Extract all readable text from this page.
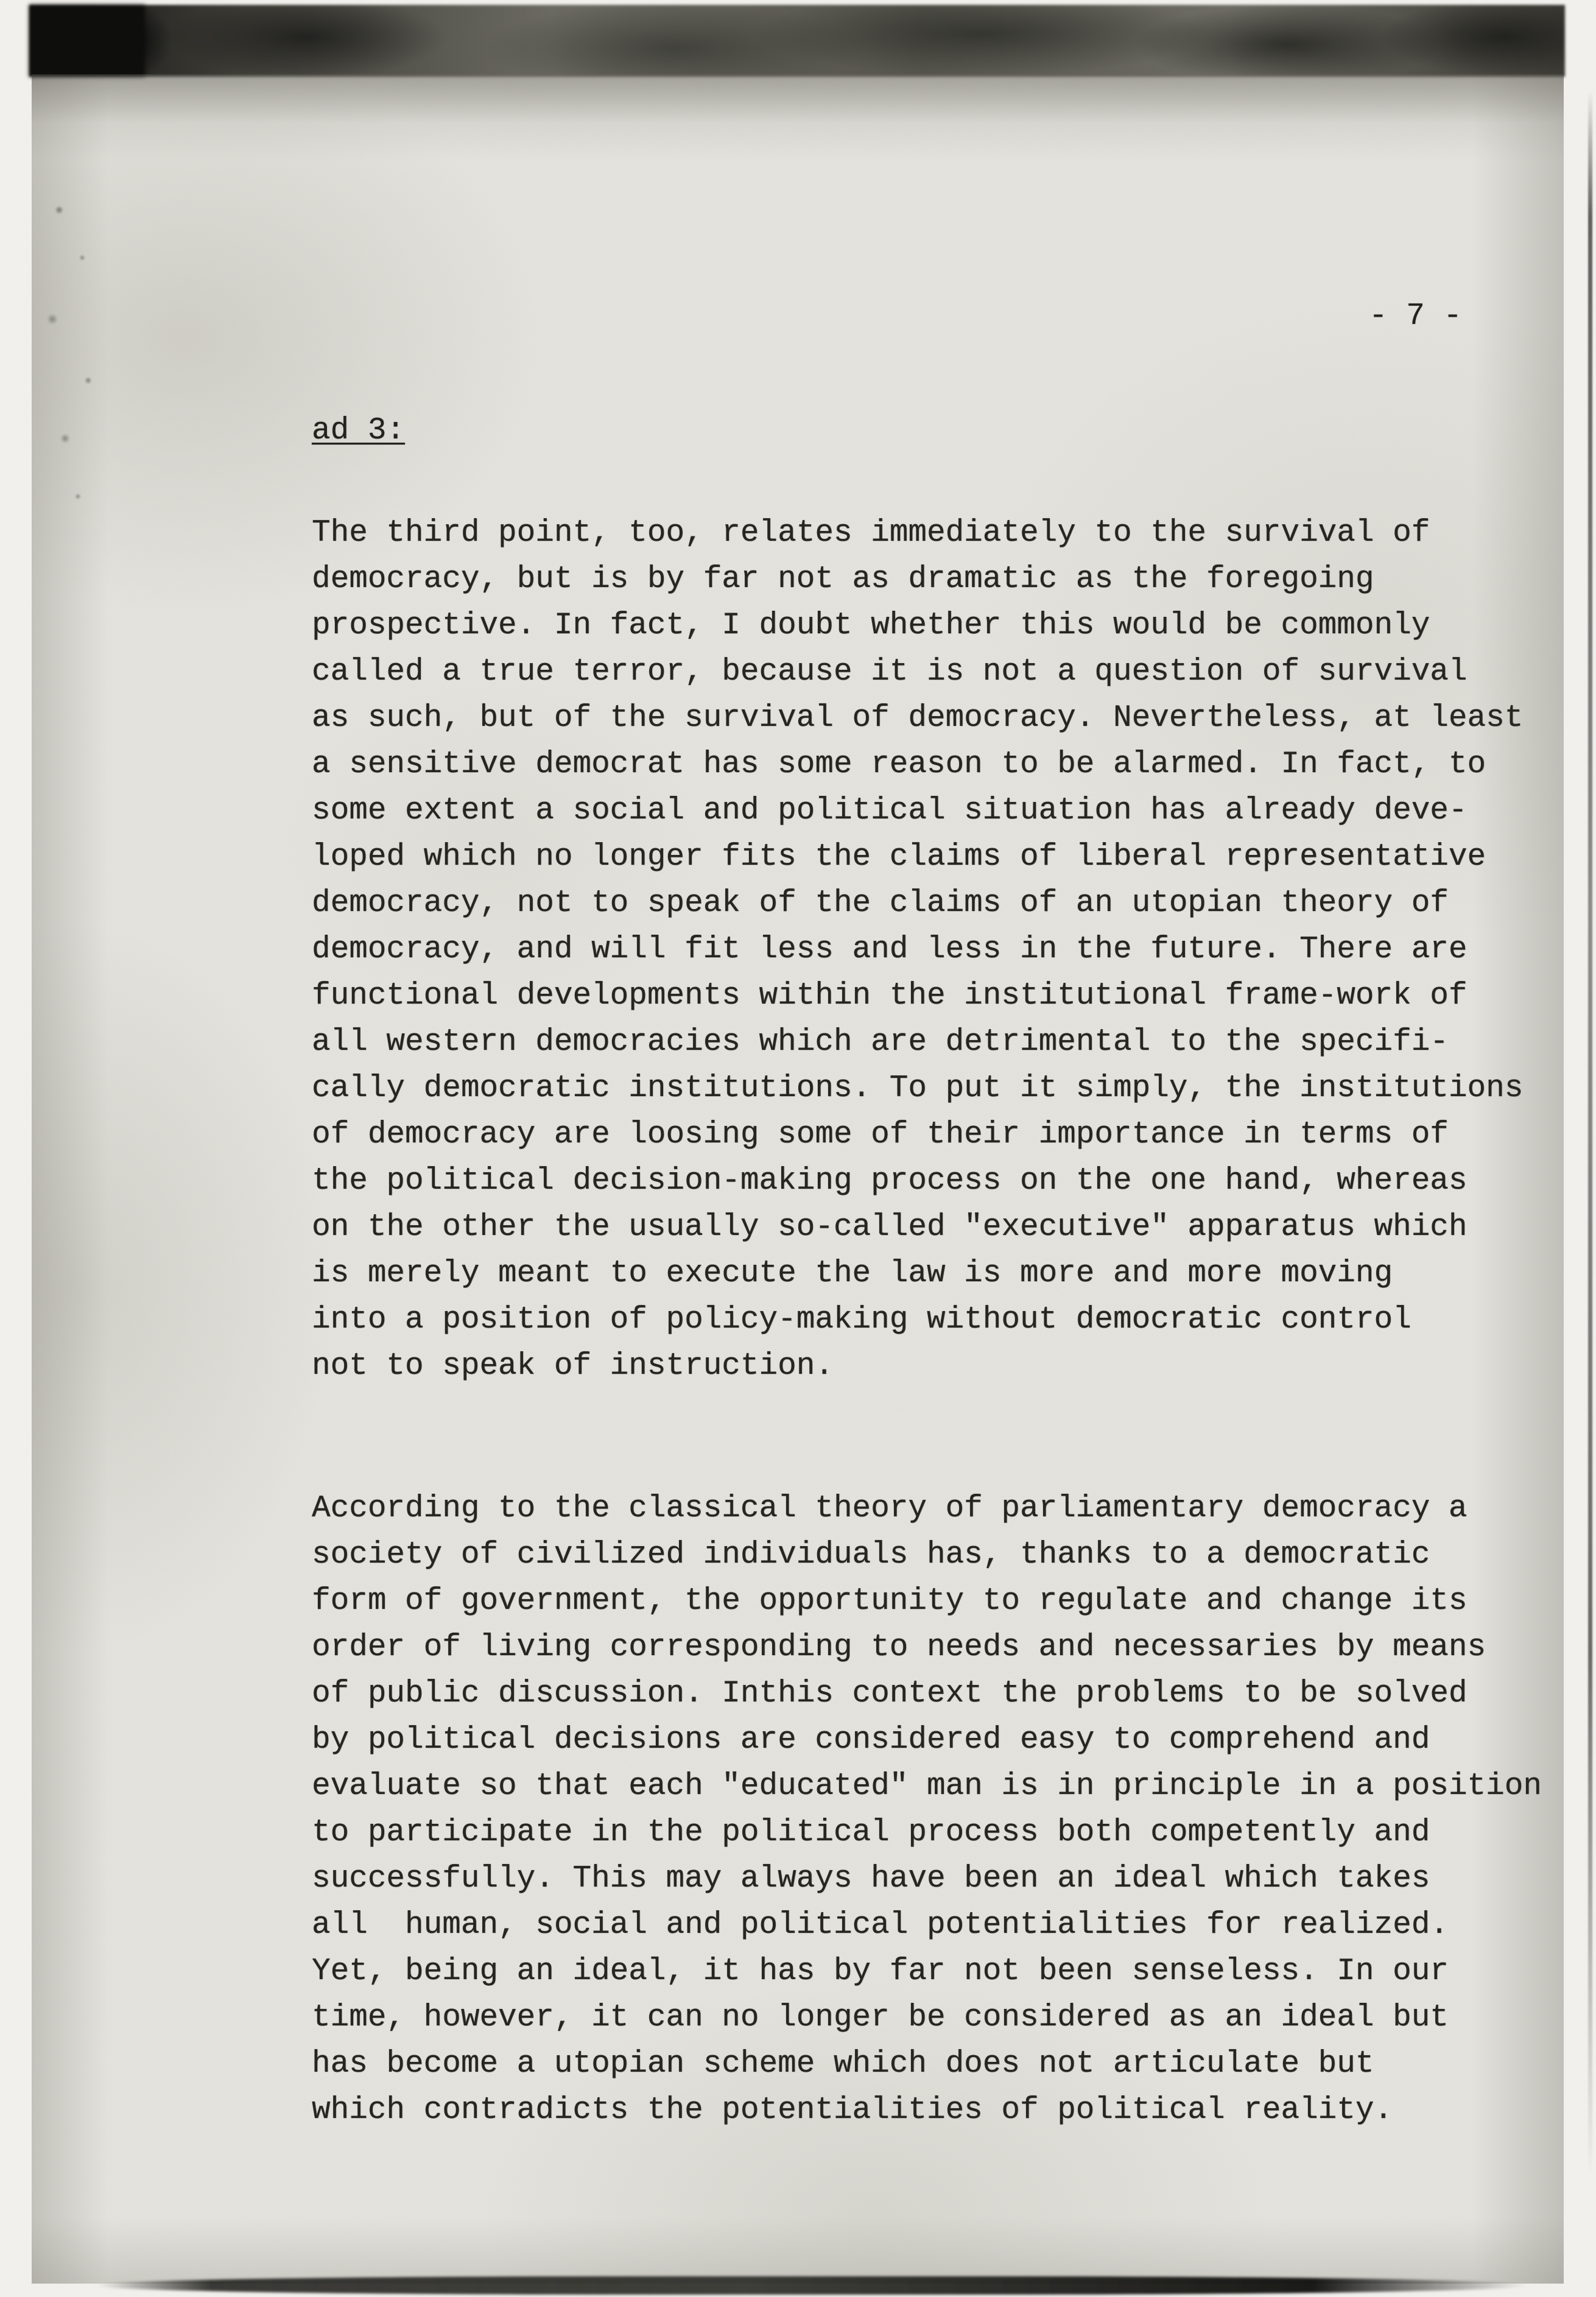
- 7 -
ad 3:
The third point, too, relates immediately to the survival of
democracy, but is by far not as dramatic as the foregoing
prospective. In fact, I doubt whether this would be commonly
called a true terror, because it is not a question of survival
as such, but of the survival of democracy. Nevertheless, at least
a sensitive democrat has some reason to be alarmed. In fact, to
some extent a social and political situation has already deve-
loped which no longer fits the claims of liberal representative
democracy, not to speak of the claims of an utopian theory of
democracy, and will fit less and less in the future. There are
functional developments within the institutional frame-work of
all western democracies which are detrimental to the specifi-
cally democratic institutions. To put it simply, the institutions
of democracy are loosing some of their importance in terms of
the political decision-making process on the one hand, whereas
on the other the usually so-called "executive" apparatus which
is merely meant to execute the law is more and more moving
into a position of policy-making without democratic control
not to speak of instruction.
According to the classical theory of parliamentary democracy a
society of civilized individuals has, thanks to a democratic
form of government, the opportunity to regulate and change its
order of living corresponding to needs and necessaries by means
of public discussion. Inthis context the problems to be solved
by political decisions are considered easy to comprehend and
evaluate so that each "educated" man is in principle in a position
to participate in the political process both competently and
successfully. This may always have been an ideal which takes
all  human, social and political potentialities for realized.
Yet, being an ideal, it has by far not been senseless. In our
time, however, it can no longer be considered as an ideal but
has become a utopian scheme which does not articulate but
which contradicts the potentialities of political reality.
